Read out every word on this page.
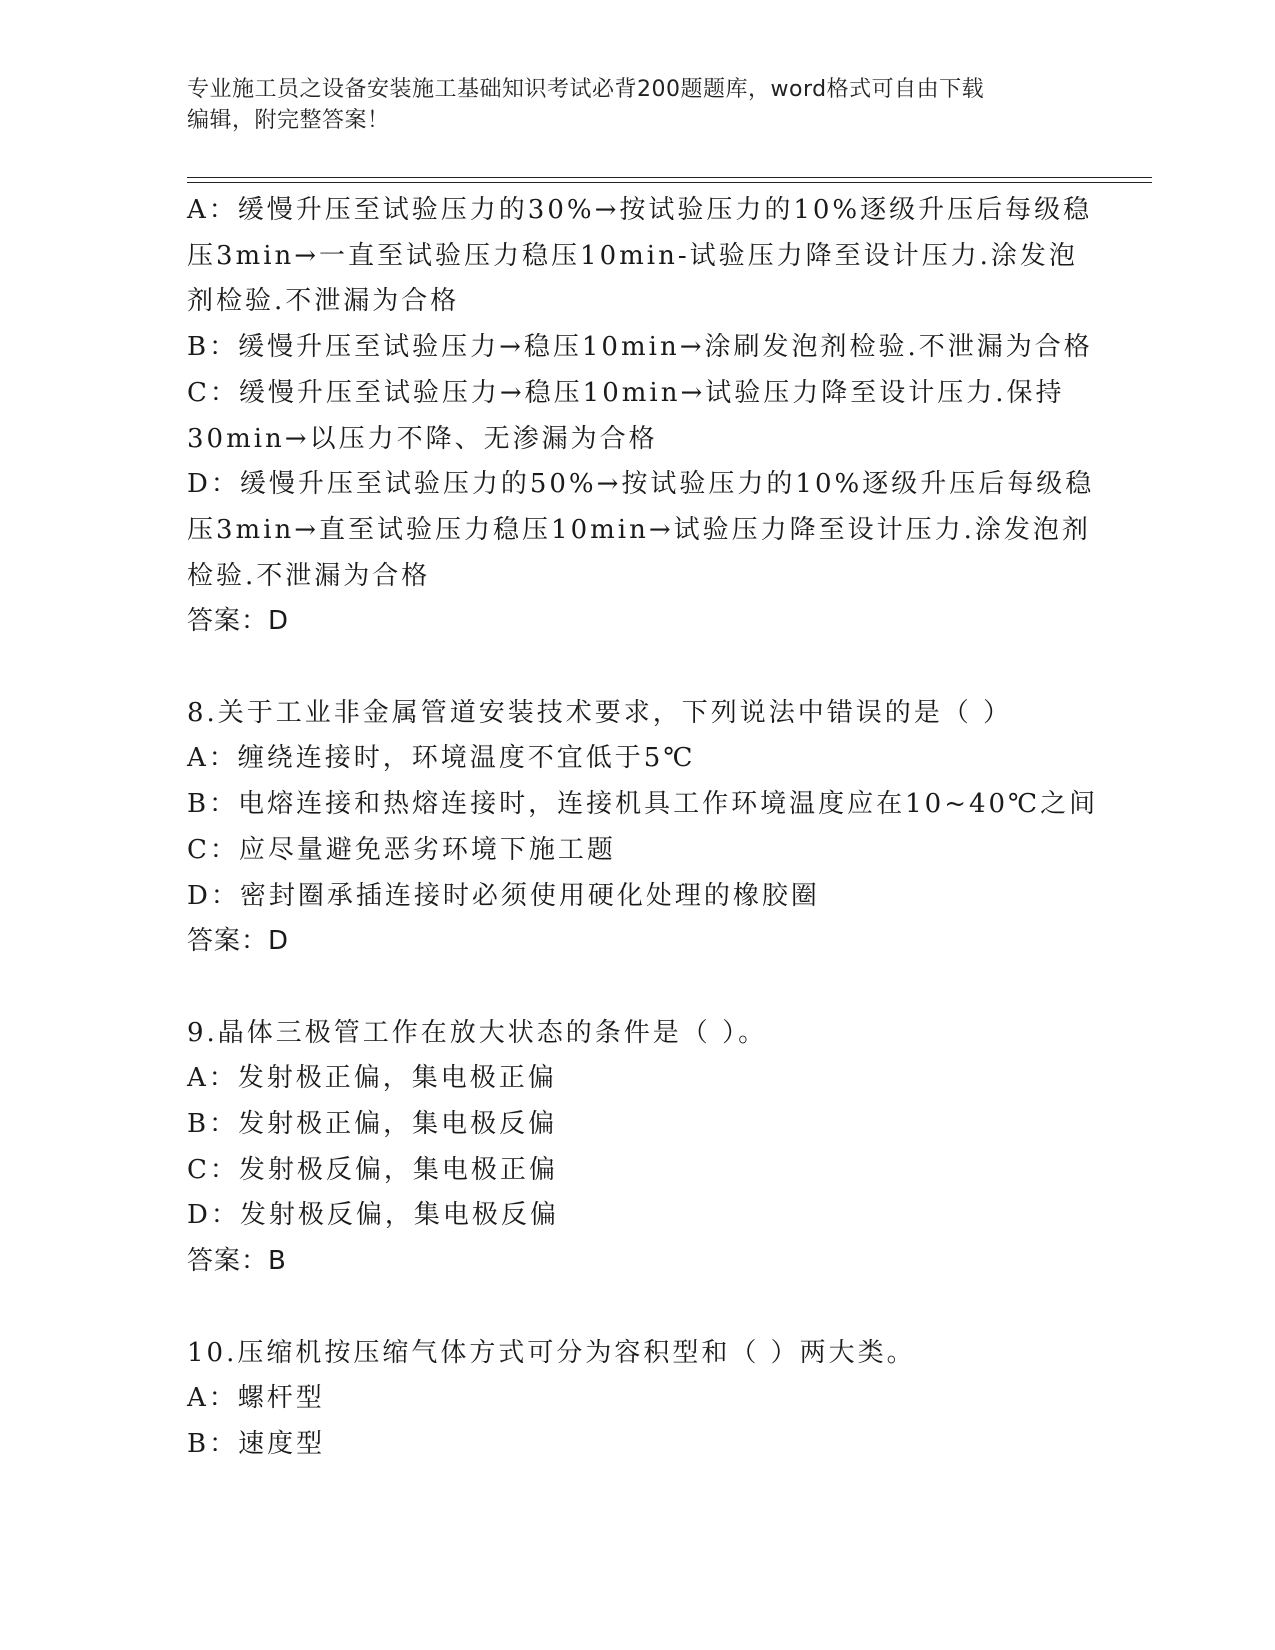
专业施工员之设备安装施工基础知识考试必背200题题库，word格式可自由下载
编辑，附完整答案！
A：缓慢升压至试验压力的30%→按试验压力的10%逐级升压后每级稳
压3min→一直至试验压力稳压10min-试验压力降至设计压力.涂发泡
剂检验.不泄漏为合格
B：缓慢升压至试验压力→稳压10min→涂刷发泡剂检验.不泄漏为合格
C：缓慢升压至试验压力→稳压10min→试验压力降至设计压力.保持
30min→以压力不降、无渗漏为合格
D：缓慢升压至试验压力的50%→按试验压力的10%逐级升压后每级稳
压3min→直至试验压力稳压10min→试验压力降至设计压力.涂发泡剂
检验.不泄漏为合格
答案：D
8.关于工业非金属管道安装技术要求，下列说法中错误的是（ ）
A：缠绕连接时，环境温度不宜低于5℃
B：电熔连接和热熔连接时，连接机具工作环境温度应在10~40℃之间
C：应尽量避免恶劣环境下施工题
D：密封圈承插连接时必须使用硬化处理的橡胶圈
答案：D
9.晶体三极管工作在放大状态的条件是（ ）。
A：发射极正偏，集电极正偏
B：发射极正偏，集电极反偏
C：发射极反偏，集电极正偏
D：发射极反偏，集电极反偏
答案：B
10.压缩机按压缩气体方式可分为容积型和（ ）两大类。
A：螺杆型
B：速度型
